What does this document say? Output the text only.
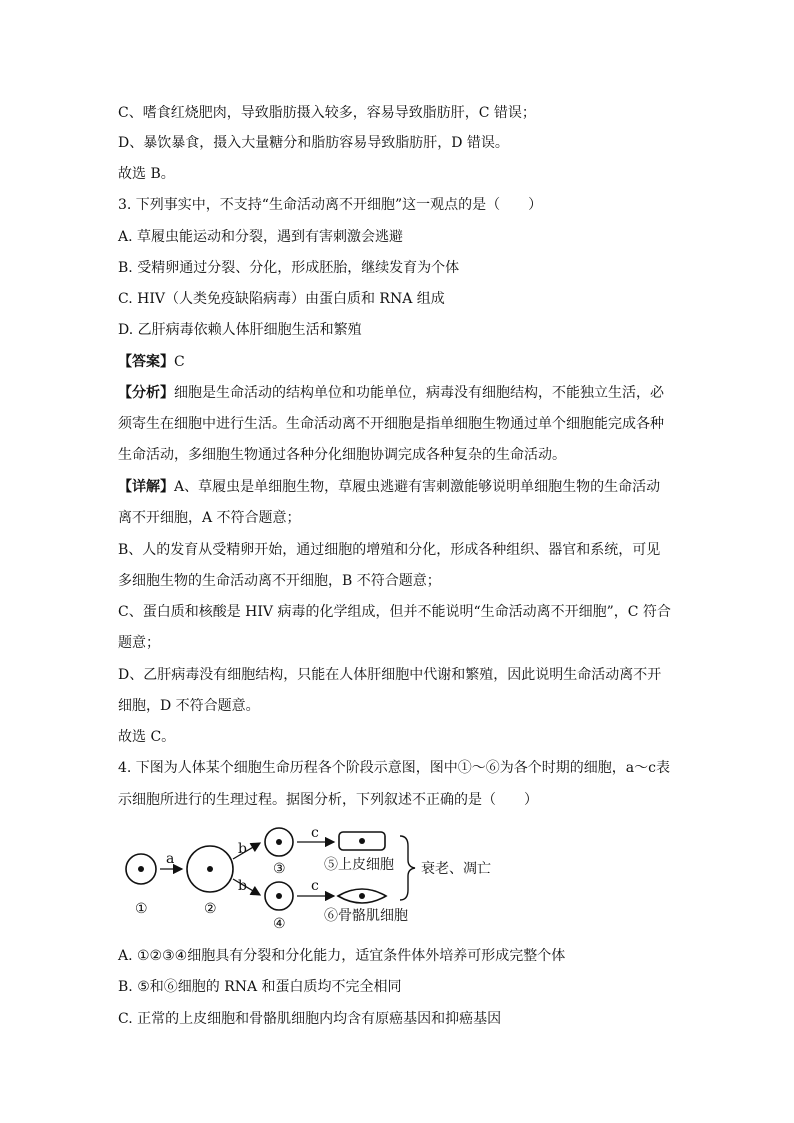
C、嗜食红烧肥肉，导致脂肪摄入较多，容易导致脂肪肝，C 错误；

D、暴饮暴食，摄入大量糖分和脂肪容易导致脂肪肝，D 错误。

故选 B。

3. 下列事实中，不支持“生命活动离不开细胞”这一观点的是（　　）

A. 草履虫能运动和分裂，遇到有害刺激会逃避

B. 受精卵通过分裂、分化，形成胚胎，继续发育为个体

C. HIV（人类免疫缺陷病毒）由蛋白质和 RNA 组成

D. 乙肝病毒依赖人体肝细胞生活和繁殖

【答案】C

【分析】细胞是生命活动的结构单位和功能单位，病毒没有细胞结构，不能独立生活，必

须寄生在细胞中进行生活。生命活动离不开细胞是指单细胞生物通过单个细胞能完成各种

生命活动，多细胞生物通过各种分化细胞协调完成各种复杂的生命活动。

【详解】A、草履虫是单细胞生物，草履虫逃避有害刺激能够说明单细胞生物的生命活动

离不开细胞，A 不符合题意；

B、人的发育从受精卵开始，通过细胞的增殖和分化，形成各种组织、器官和系统，可见

多细胞生物的生命活动离不开细胞，B 不符合题意；

C、蛋白质和核酸是 HIV 病毒的化学组成，但并不能说明“生命活动离不开细胞”，C 符合

题意；

D、乙肝病毒没有细胞结构，只能在人体肝细胞中代谢和繁殖，因此说明生命活动离不开

细胞，D 不符合题意。

故选 C。

4. 下图为人体某个细胞生命历程各个阶段示意图，图中①～⑥为各个时期的细胞，a～c表

示细胞所进行的生理过程。据图分析，下列叙述不正确的是（　　）

①
a
②
b
b
③
④
c
c
⑤上皮细胞
⑥骨骼肌细胞
衰老、凋亡

A. ①②③④细胞具有分裂和分化能力，适宜条件体外培养可形成完整个体

B. ⑤和⑥细胞的 RNA 和蛋白质均不完全相同

C. 正常的上皮细胞和骨骼肌细胞内均含有原癌基因和抑癌基因
